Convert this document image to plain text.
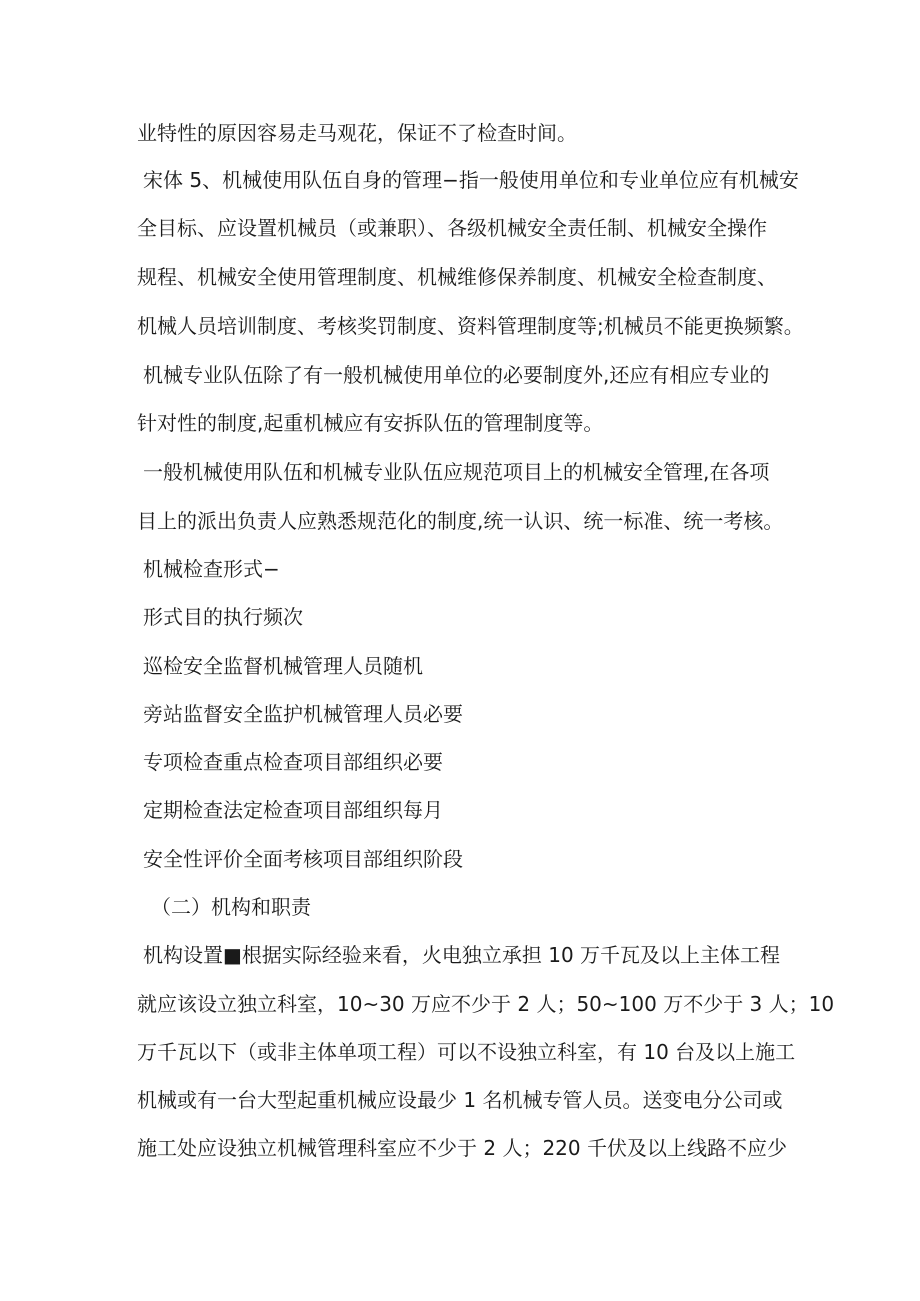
业特性的原因容易走马观花，保证不了检查时间。

宋体 5、机械使用队伍自身的管理−指一般使用单位和专业单位应有机械安

全目标、应设置机械员（或兼职）、各级机械安全责任制、机械安全操作

规程、机械安全使用管理制度、机械维修保养制度、机械安全检查制度、

机械人员培训制度、考核奖罚制度、资料管理制度等;机械员不能更换频繁。

机械专业队伍除了有一般机械使用单位的必要制度外,还应有相应专业的

针对性的制度,起重机械应有安拆队伍的管理制度等。

一般机械使用队伍和机械专业队伍应规范项目上的机械安全管理,在各项

目上的派出负责人应熟悉规范化的制度,统一认识、统一标准、统一考核。

机械检查形式−

形式目的执行频次

巡检安全监督机械管理人员随机

旁站监督安全监护机械管理人员必要

专项检查重点检查项目部组织必要

定期检查法定检查项目部组织每月

安全性评价全面考核项目部组织阶段

（二）机构和职责

机构设置■根据实际经验来看，火电独立承担 10 万千瓦及以上主体工程

就应该设立独立科室，10~30 万应不少于 2 人；50~100 万不少于 3 人；10

万千瓦以下（或非主体单项工程）可以不设独立科室，有 10 台及以上施工

机械或有一台大型起重机械应设最少 1 名机械专管人员。送变电分公司或

施工处应设独立机械管理科室应不少于 2 人；220 千伏及以上线路不应少
